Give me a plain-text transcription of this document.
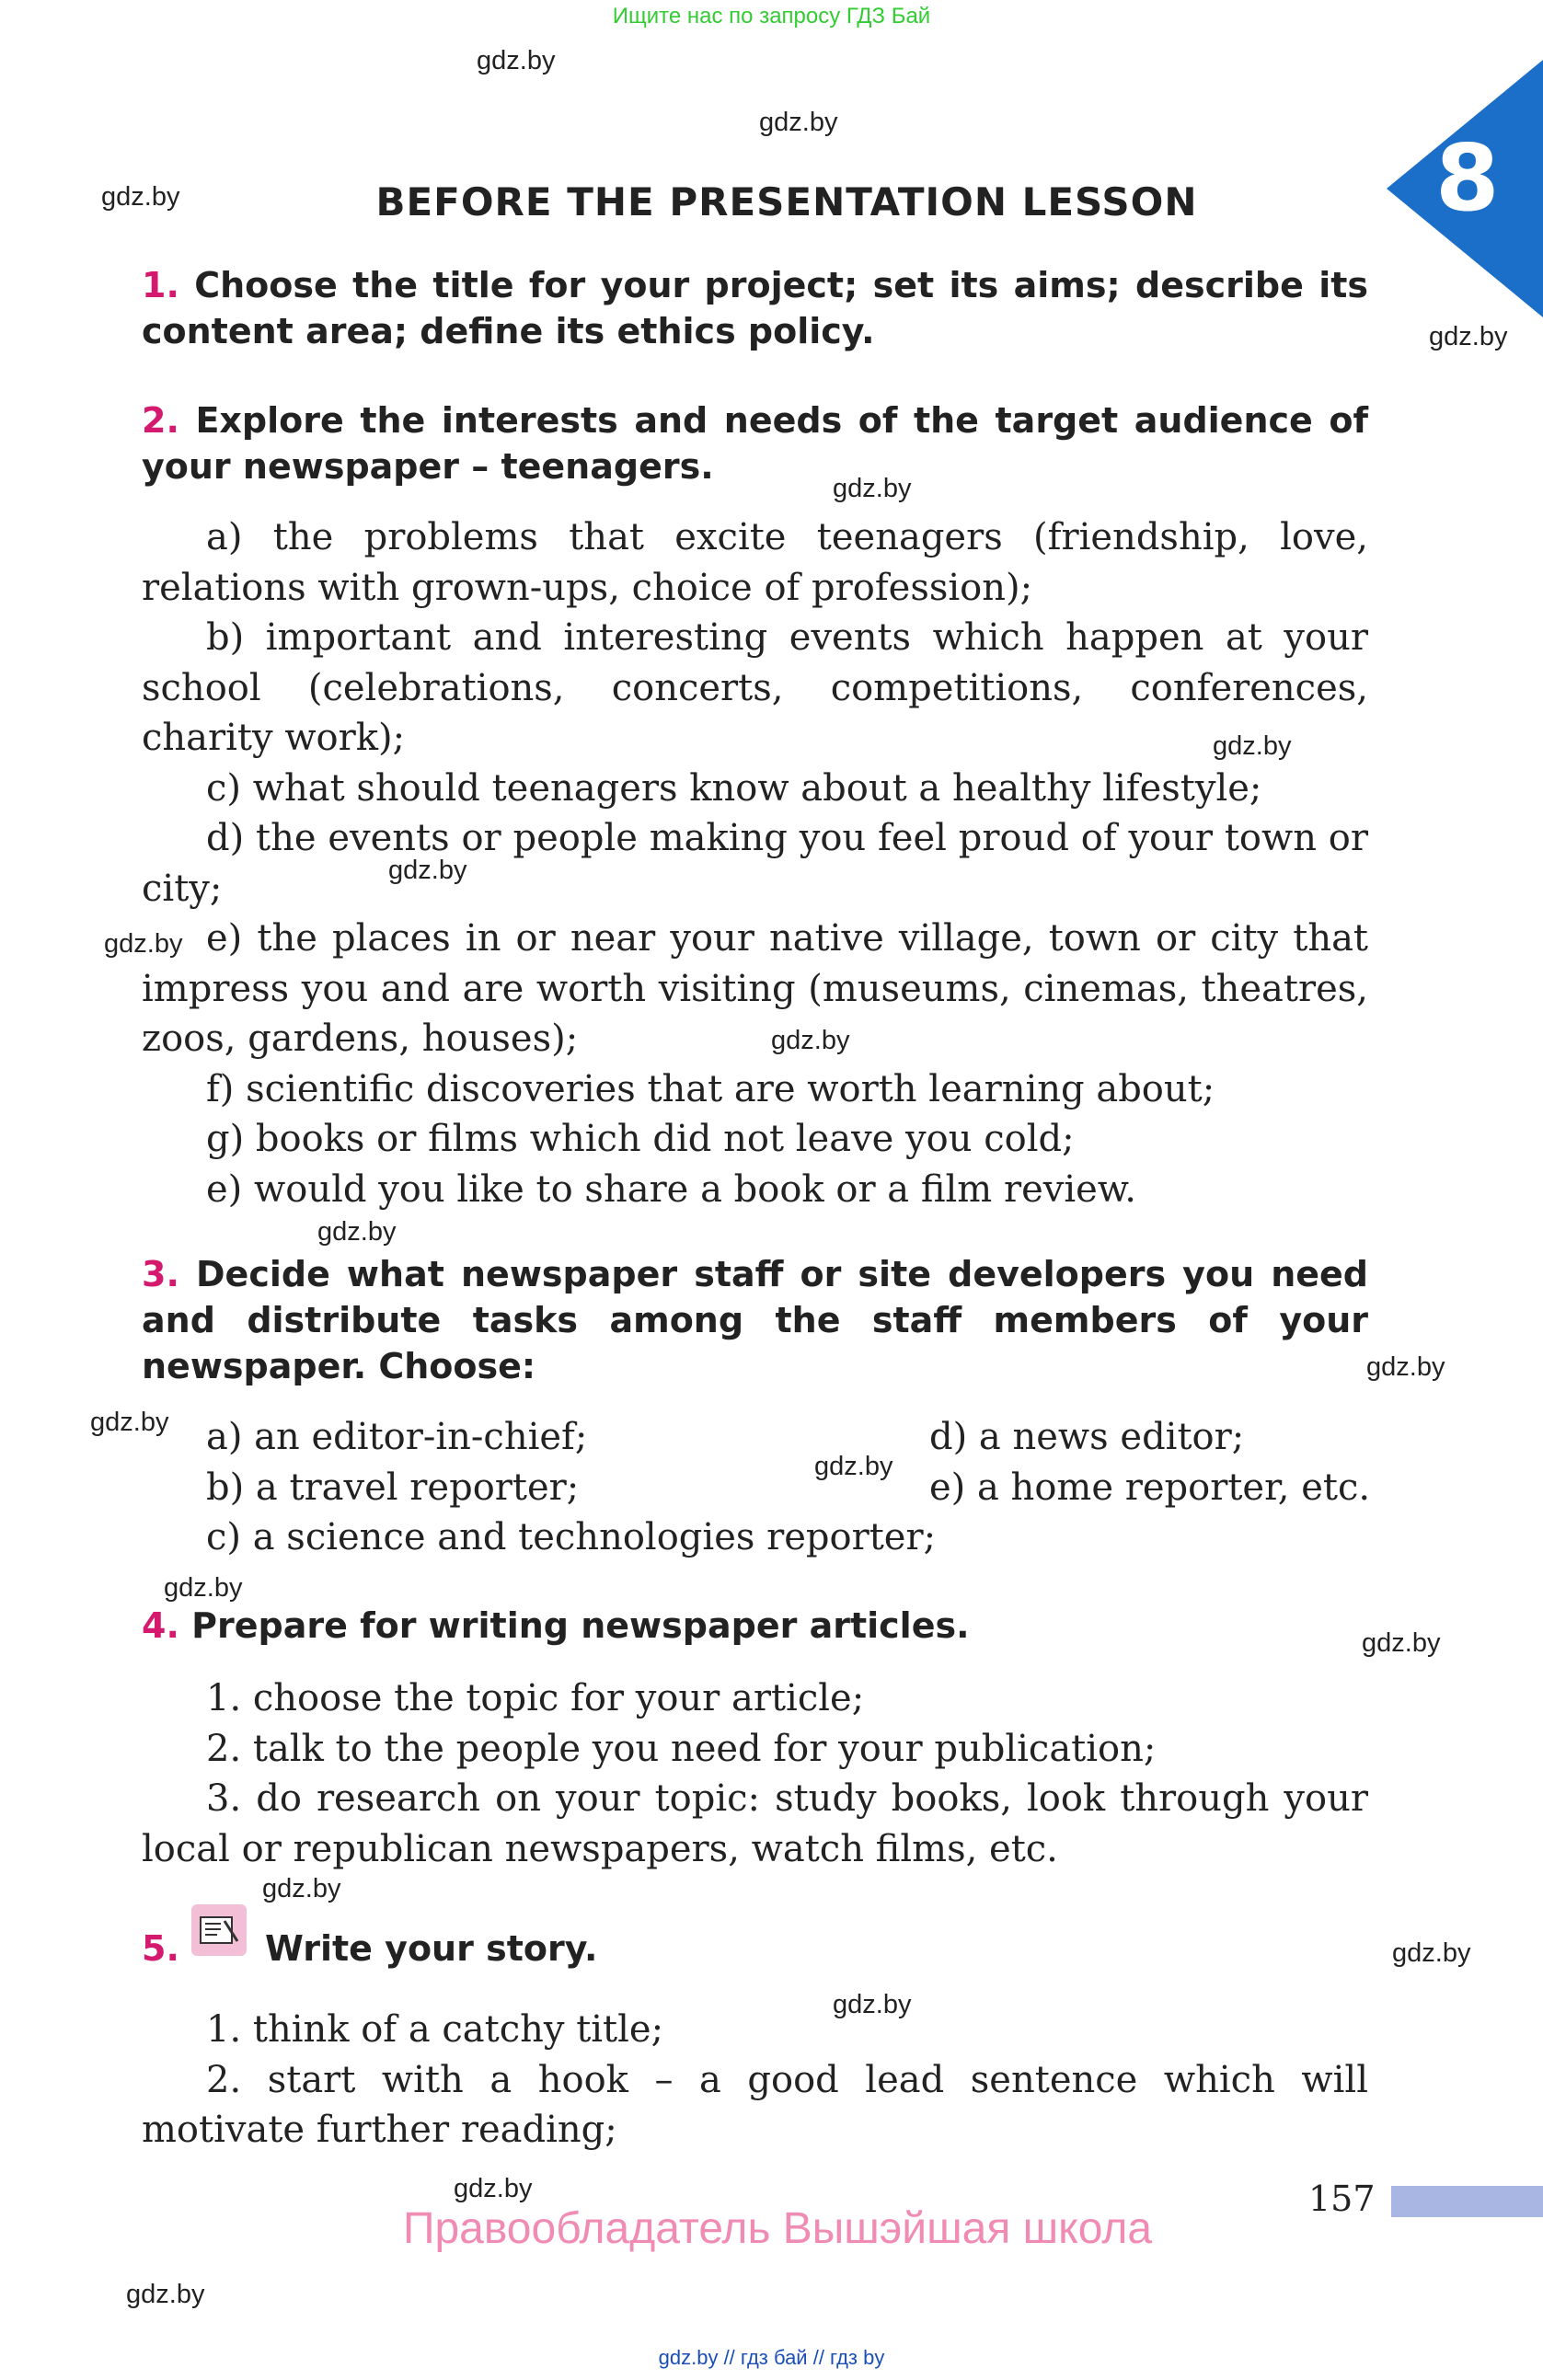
Ищите нас по запросу ГДЗ Бай
gdz.by
gdz.by
gdz.by
gdz.by
gdz.by
gdz.by
gdz.by
gdz.by
gdz.by
gdz.by
gdz.by
gdz.by
gdz.by
gdz.by
gdz.by
gdz.by
gdz.by
gdz.by
gdz.by
gdz.by
8
BEFORE THE PRESENTATION LESSON
1. Choose the title for your project; set its aims; describe its content area; define its ethics policy.
2. Explore the interests and needs of the target audience of your newspaper – teenagers.

a) the problems that excite teenagers (friendship, love, relations with grown-ups, choice of profession);

b) important and interesting events which happen at your school (celebrations, concerts, competitions, conferences, charity work);

c) what should teenagers know about a healthy lifestyle;

d) the events or people making you feel proud of your town or city;

e) the places in or near your native village, town or city that impress you and are worth visiting (museums, cinemas, theatres, zoos, gardens, houses);

f) scientific discoveries that are worth learning about;

g) books or films which did not leave you cold;

e) would you like to share a book or a film review.

3. Decide what newspaper staff or site developers you need and distribute tasks among the staff members of your newspaper. Choose:
a) an editor-in-chief;
b) a travel reporter;
c) a science and technologies reporter;
d) a news editor;
e) a home reporter, etc.
4. Prepare for writing newspaper articles.

1. choose the topic for your article;

2. talk to the people you need for your publication;

3. do research on your topic: study books, look through your local or republican newspapers, watch films, etc.

5.	Write your story.

1. think of a catchy title;

2. start with a hook – a good lead sentence which will motivate further reading;

157
Правообладатель Вышэйшая школа
gdz.by // гдз бай // гдз by
